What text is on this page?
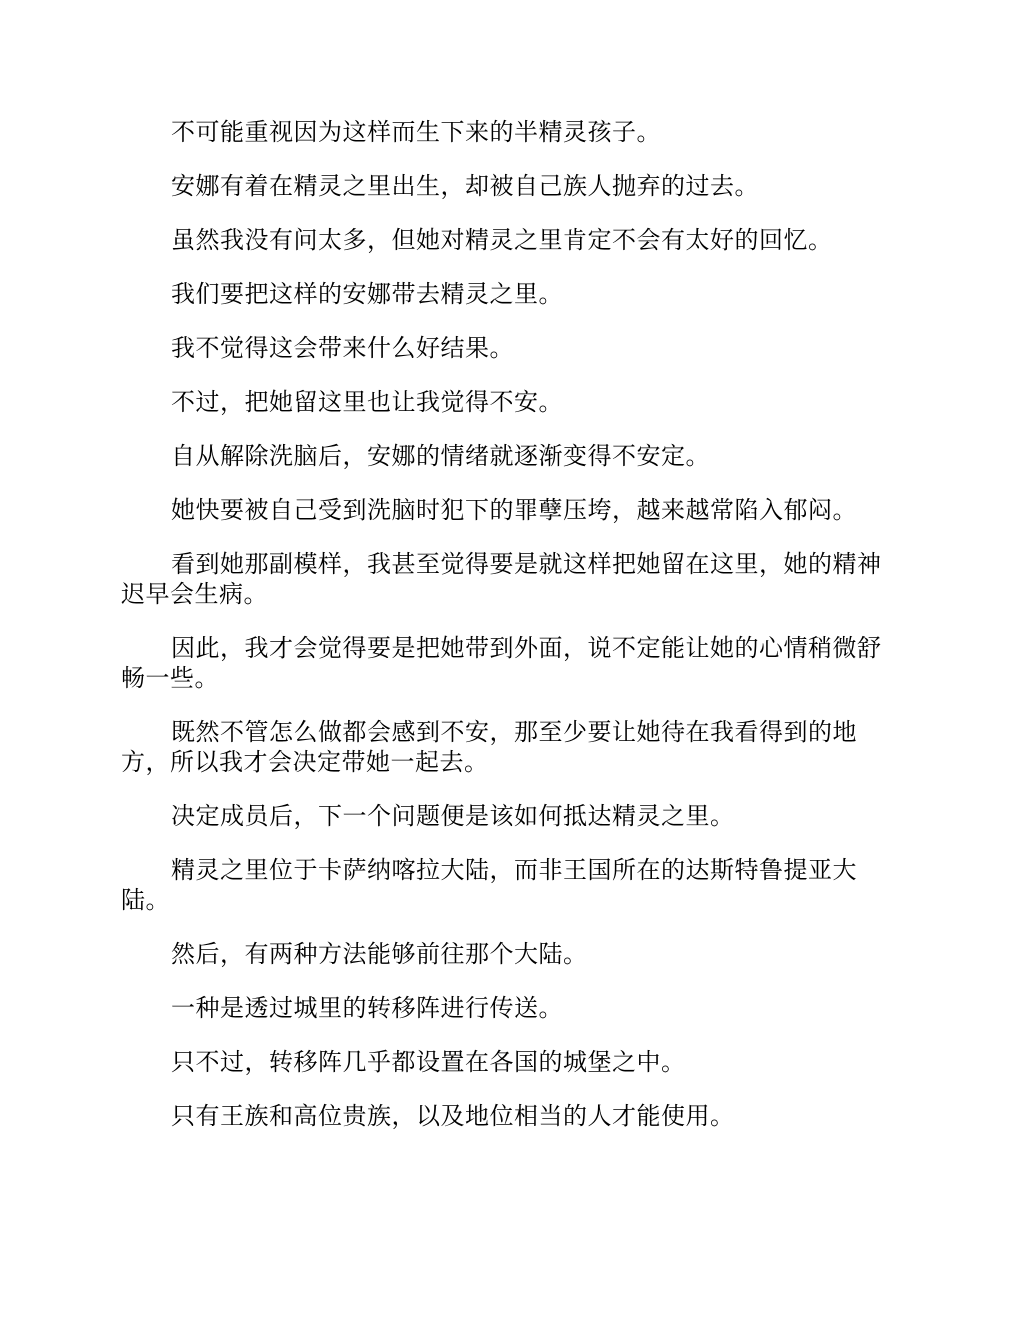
不可能重视因为这样而生下来的半精灵孩子。

安娜有着在精灵之里出生，却被自己族人抛弃的过去。

虽然我没有问太多，但她对精灵之里肯定不会有太好的回忆。

我们要把这样的安娜带去精灵之里。

我不觉得这会带来什么好结果。

不过，把她留这里也让我觉得不安。

自从解除洗脑后，安娜的情绪就逐渐变得不安定。

她快要被自己受到洗脑时犯下的罪孽压垮，越来越常陷入郁闷。

看到她那副模样，我甚至觉得要是就这样把她留在这里，她的精神迟早会生病。

因此，我才会觉得要是把她带到外面，说不定能让她的心情稍微舒畅一些。

既然不管怎么做都会感到不安，那至少要让她待在我看得到的地方，所以我才会决定带她一起去。

决定成员后，下一个问题便是该如何抵达精灵之里。

精灵之里位于卡萨纳喀拉大陆，而非王国所在的达斯特鲁提亚大陆。

然后，有两种方法能够前往那个大陆。

一种是透过城里的转移阵进行传送。

只不过，转移阵几乎都设置在各国的城堡之中。

只有王族和高位贵族，以及地位相当的人才能使用。
